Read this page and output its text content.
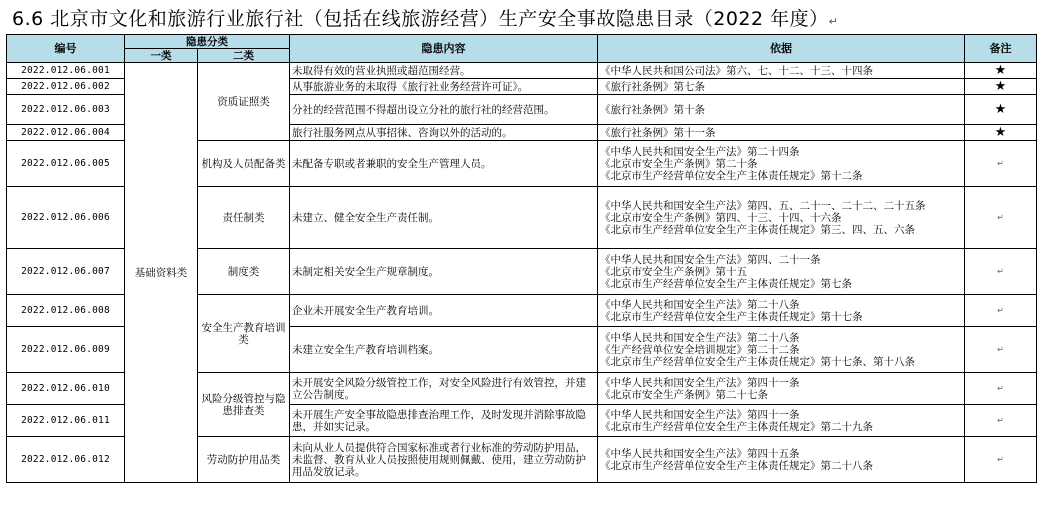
6.6 北京市文化和旅游行业旅行社（包括在线旅游经营）生产安全事故隐患目录（2022 年度）↵
编号	隐患分类		隐患内容	依据	备注
	一类	二类			
2022.012.06.001	基础资料类	资质证照类	未取得有效的营业执照或超范围经营。	《中华人民共和国公司法》第六、七、十二、十三、十四条	★
2022.012.06.002			从事旅游业务的未取得《旅行社业务经营许可证》。	《旅行社条例》第七条	★
2022.012.06.003			分社的经营范围不得超出设立分社的旅行社的经营范围。	《旅行社条例》第十条	★
2022.012.06.004			旅行社服务网点从事招徕、咨询以外的活动的。	《旅行社条例》第十一条	★
2022.012.06.005		机构及人员配备类	未配备专职或者兼职的安全生产管理人员。	《中华人民共和国安全生产法》第二十四条
《北京市安全生产条例》第二十条
《北京市生产经营单位安全生产主体责任规定》第十二条	↵
2022.012.06.006		责任制类	未建立、健全安全生产责任制。	《中华人民共和国安全生产法》第四、五、二十一、二十二、二十五条
《北京市安全生产条例》第四、十三、十四、十六条
《北京市生产经营单位安全生产主体责任规定》第三、四、五、六条	↵
2022.012.06.007		制度类	未制定相关安全生产规章制度。	《中华人民共和国安全生产法》第四、二十一条
《北京市安全生产条例》第十五
《北京市生产经营单位安全生产主体责任规定》第七条	↵
2022.012.06.008		安全生产教育培训类	企业未开展安全生产教育培训。	《中华人民共和国安全生产法》第二十八条
《北京市生产经营单位安全生产主体责任规定》第十七条	↵
2022.012.06.009			未建立安全生产教育培训档案。	《中华人民共和国安全生产法》第二十八条
《生产经营单位安全培训规定》第二十二条
《北京市生产经营单位安全生产主体责任规定》第十七条、第十八条	↵
2022.012.06.010		风险分级管控与隐患排查类	未开展安全风险分级管控工作，对安全风险进行有效管控，并建立公告制度。	《中华人民共和国安全生产法》第四十一条
《北京市安全生产条例》第二十七条	↵
2022.012.06.011			未开展生产安全事故隐患排查治理工作，及时发现并消除事故隐患，并如实记录。	《中华人民共和国安全生产法》第四十一条
《北京市生产经营单位安全生产主体责任规定》第二十九条	↵
2022.012.06.012		劳动防护用品类	未向从业人员提供符合国家标准或者行业标准的劳动防护用品，未监督、教育从业人员按照使用规则佩戴、使用，建立劳动防护用品发放记录。	《中华人民共和国安全生产法》第四十五条
《北京市生产经营单位安全生产主体责任规定》第二十八条	↵
